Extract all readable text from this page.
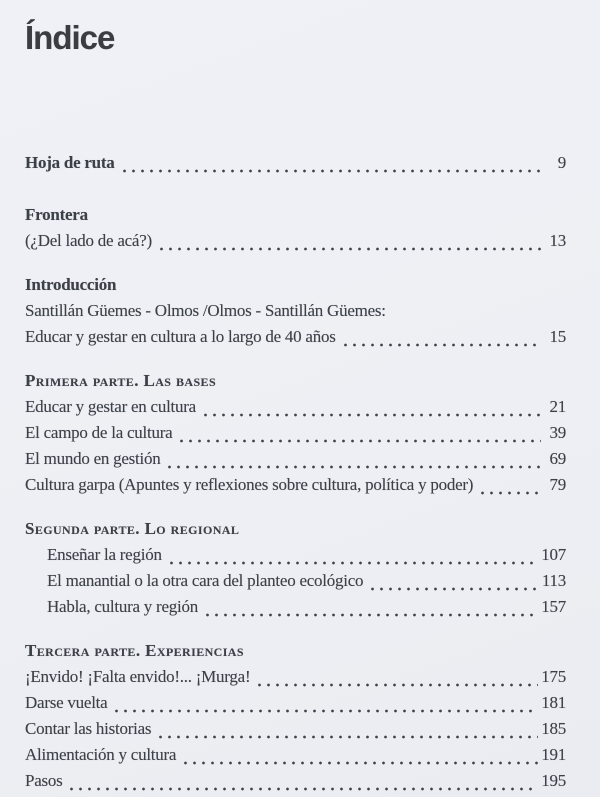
Índice
Hoja de ruta	9
Frontera
(¿Del lado de acá?)	13
Introducción
Santillán Güemes - Olmos /Olmos - Santillán Güemes:
Educar y gestar en cultura a lo largo de 40 años	15
Primera parte. Las bases
Educar y gestar en cultura	21
El campo de la cultura	39
El mundo en gestión	69
Cultura garpa (Apuntes y reflexiones sobre cultura, política y poder)	79
Segunda parte. Lo regional
Enseñar la región	107
El manantial o la otra cara del planteo ecológico	113
Habla, cultura y región	157
Tercera parte. Experiencias
¡Envido! ¡Falta envido!... ¡Murga!	175
Darse vuelta	181
Contar las historias	185
Alimentación y cultura	191
Pasos	195
